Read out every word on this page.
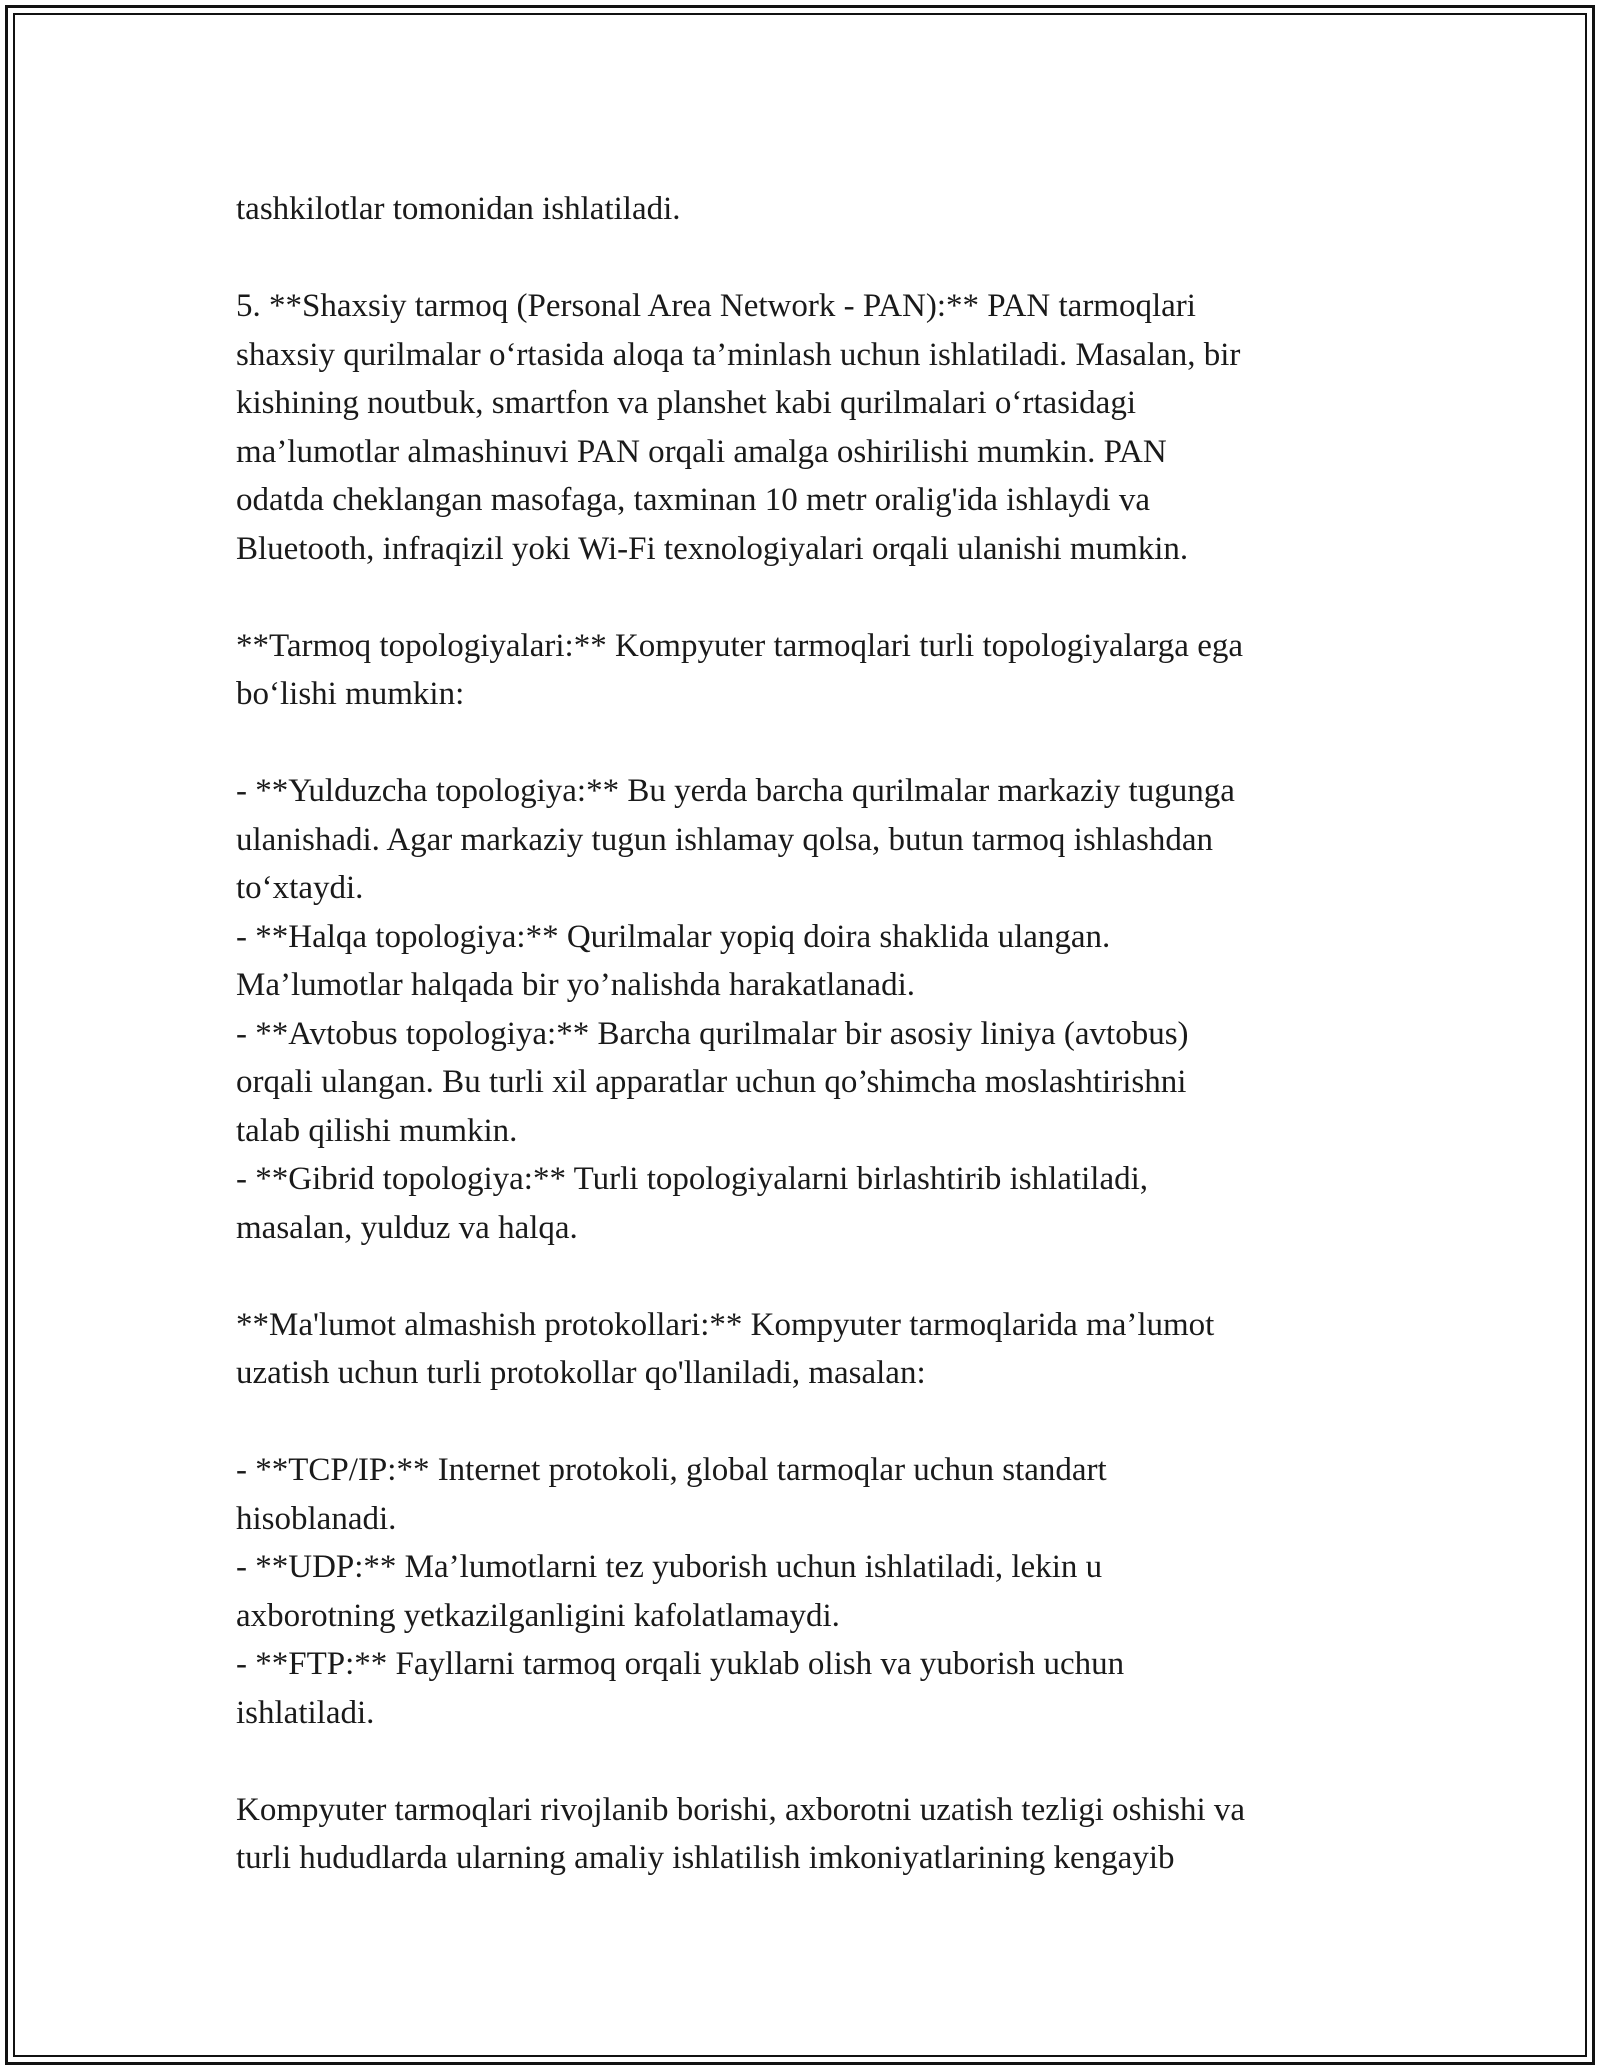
tashkilotlar tomonidan ishlatiladi.
5. **Shaxsiy tarmoq (Personal Area Network - PAN):** PAN tarmoqlari
shaxsiy qurilmalar o‘rtasida aloqa ta’minlash uchun ishlatiladi. Masalan, bir
kishining noutbuk, smartfon va planshet kabi qurilmalari o‘rtasidagi
ma’lumotlar almashinuvi PAN orqali amalga oshirilishi mumkin. PAN
odatda cheklangan masofaga, taxminan 10 metr oralig'ida ishlaydi va
Bluetooth, infraqizil yoki Wi-Fi texnologiyalari orqali ulanishi mumkin.
**Tarmoq topologiyalari:** Kompyuter tarmoqlari turli topologiyalarga ega
bo‘lishi mumkin:
- **Yulduzcha topologiya:** Bu yerda barcha qurilmalar markaziy tugunga
ulanishadi. Agar markaziy tugun ishlamay qolsa, butun tarmoq ishlashdan
to‘xtaydi.
- **Halqa topologiya:** Qurilmalar yopiq doira shaklida ulangan.
Ma’lumotlar halqada bir yo’nalishda harakatlanadi.
- **Avtobus topologiya:** Barcha qurilmalar bir asosiy liniya (avtobus)
orqali ulangan. Bu turli xil apparatlar uchun qo’shimcha moslashtirishni
talab qilishi mumkin.
- **Gibrid topologiya:** Turli topologiyalarni birlashtirib ishlatiladi,
masalan, yulduz va halqa.
**Ma'lumot almashish protokollari:** Kompyuter tarmoqlarida ma’lumot
uzatish uchun turli protokollar qo'llaniladi, masalan:
- **TCP/IP:** Internet protokoli, global tarmoqlar uchun standart
hisoblanadi.
- **UDP:** Ma’lumotlarni tez yuborish uchun ishlatiladi, lekin u
axborotning yetkazilganligini kafolatlamaydi.
- **FTP:** Fayllarni tarmoq orqali yuklab olish va yuborish uchun
ishlatiladi.
Kompyuter tarmoqlari rivojlanib borishi, axborotni uzatish tezligi oshishi va
turli hududlarda ularning amaliy ishlatilish imkoniyatlarining kengayib
